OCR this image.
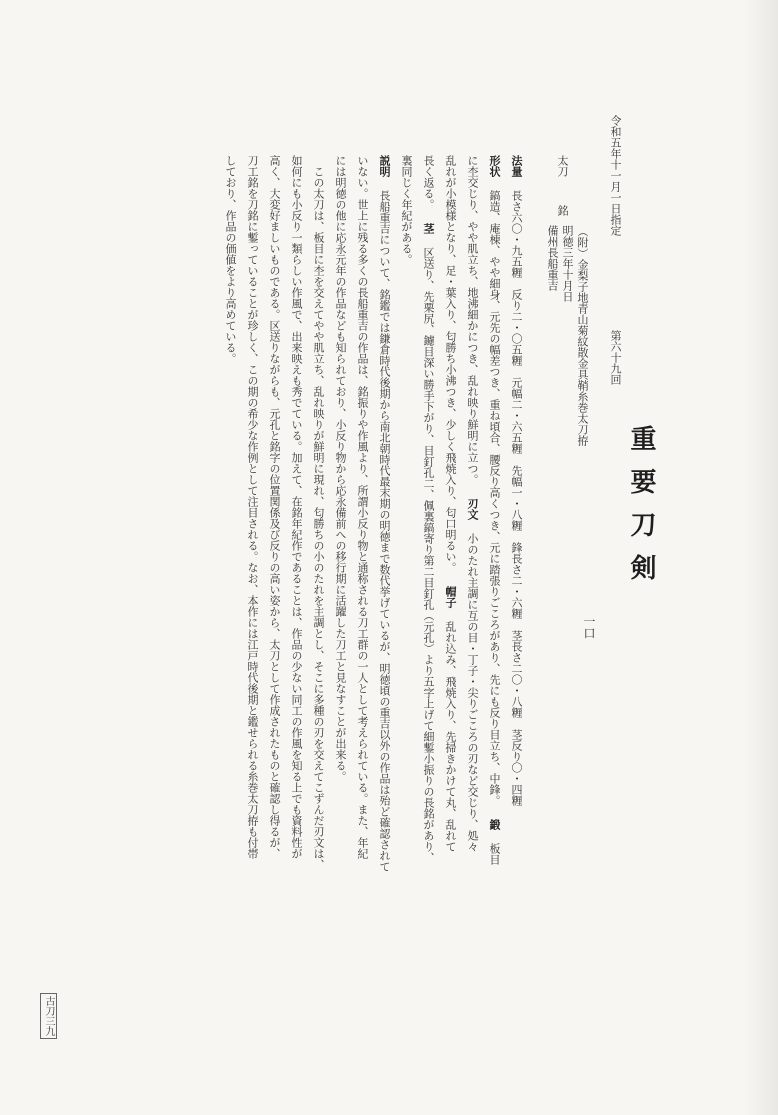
令和五年十一月一日指定
第六十九回
重要刀剣
一口
太刀
銘
備州長船重吉 明徳三年十月日 （附）金梨子地青山菊紋散金具鞘糸巻太刀拵
法量 長さ六〇・九五糎　反り二・〇五糎　元幅二・六五糎　先幅一・八糎　鋒長さ二・六糎　茎長さ二〇・八糎　茎反り〇・四糎
形状 鎬造、庵棟、やや細身、元先の幅差つき、重ね頃合、腰反り高くつき、元に踏張りごころがあり、先にも反り目立ち、中鋒。 鍛 板目
に杢交じり、やや肌立ち、地沸細かにつき、乱れ映り鮮明に立つ。 刃文 小のたれ主調に互の目・丁子・尖りごころの刃など交じり、処々
乱れが小模様となり、足・葉入り、匂勝ち小沸つき、少しく飛焼入り、匂口明るい。 帽子 乱れ込み、飛焼入り、先掃きかけて丸、乱れて
長く返る。 茎 区送り、先栗尻、鑢目深い勝手下がり、目釘孔二、佩裏鎬寄り第二目釘孔（元孔）より五字上げて細鏨小振りの長銘があり、
裏同じく年紀がある。
説明 長船重吉について、銘鑑では鎌倉時代後期から南北朝時代最末期の明徳まで数代挙げているが、明徳頃の重吉以外の作品は殆ど確認されて
いない。世上に残る多くの長船重吉の作品は、銘振りや作風より、所謂小反り物と通称される刀工群の一人として考えられている。また、年紀
には明徳の他に応永元年の作品なども知られており、小反り物から応永備前への移行期に活躍した刀工と見なすことが出来る。
この太刀は、板目に杢を交えてやや肌立ち、乱れ映りが鮮明に現れ、匂勝ちの小のたれを主調とし、そこに多種の刃を交えてこずんだ刃文は、
如何にも小反り一類らしい作風で、出来映えも秀でている。加えて、在銘年紀作であることは、作品の少ない同工の作風を知る上でも資料性が
高く、大変好ましいものである。区送りながらも、元孔と銘字の位置関係及び反りの高い姿から、太刀として作成されたものと確認し得るが、
刀工銘を刀銘に鏨っていることが珍しく、この期の希少な作例として注目される。なお、本作には江戸時代後期と鑑せられる糸巻太刀拵も付帯
しており、作品の価値をより高めている。
古刀三九
